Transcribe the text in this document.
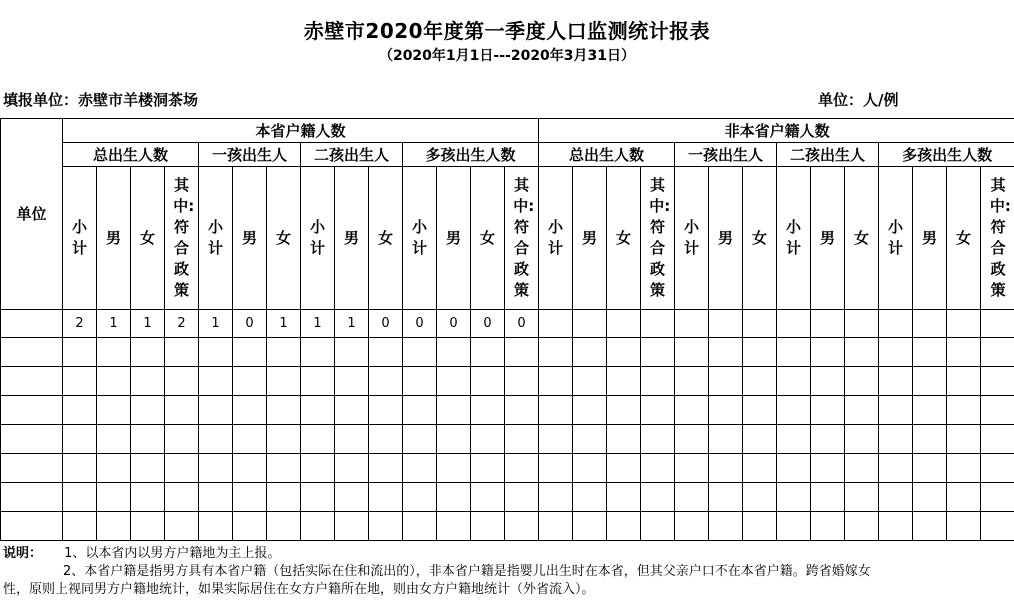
赤壁市2020年度第一季度人口监测统计报表
（2020年1月1日---2020年3月31日）
填报单位：赤壁市羊楼洞茶场	单位：人/例
单位	本省户籍人数														非本省户籍人数													
	总出生人数				一孩出生人			二孩出生人			多孩出生人数				总出生人数				一孩出生人			二孩出生人			多孩出生人数			
	小计	男	女	其中:符合政策	小计	男	女	小计	男	女	小计	男	女	其中:符合政策	小计	男	女	其中:符合政策	小计	男	女	小计	男	女	小计	男	女	其中:符合政策
	2	1	1	2	1	0	1	1	1	0	0	0	0	0														

说明： 1、以本省内以男方户籍地为主上报。
2、本省户籍是指男方具有本省户籍（包括实际在住和流出的），非本省户籍是指婴儿出生时在本省，但其父亲户口不在本省户籍。跨省婚嫁女
性，原则上视同男方户籍地统计，如果实际居住在女方户籍所在地，则由女方户籍地统计（外省流入）。
